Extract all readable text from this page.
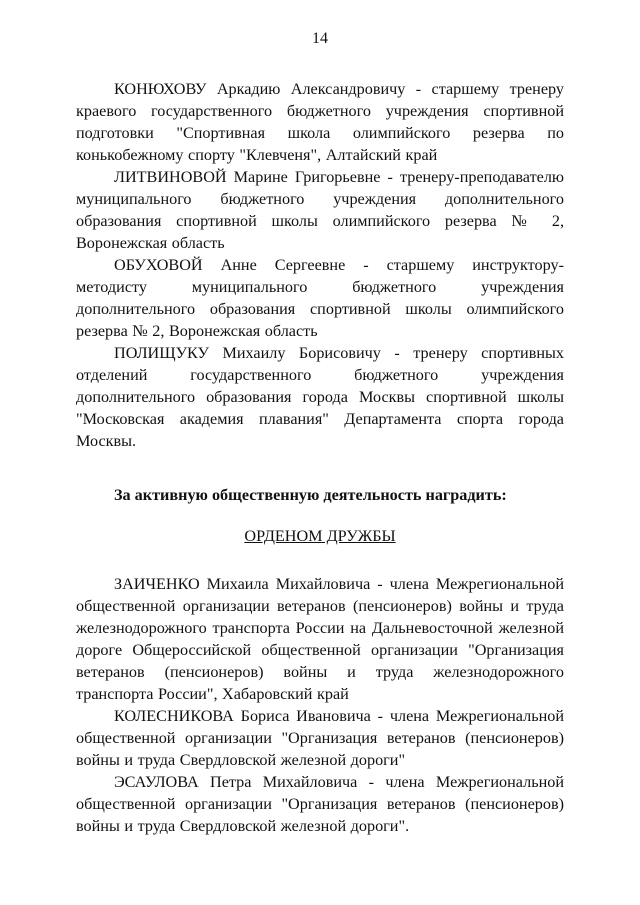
14

КОНЮХОВУ Аркадию Александровичу - старшему тренеру краевого государственного бюджетного учреждения спортивной подготовки "Спортивная школа олимпийского резерва по конькобежному спорту "Клевченя", Алтайский край

ЛИТВИНОВОЙ Марине Григорьевне - тренеру-преподавателю муниципального бюджетного учреждения дополнительного образования спортивной школы олимпийского резерва № 2, Воронежская область

ОБУХОВОЙ Анне Сергеевне - старшему инструктору-методисту муниципального бюджетного учреждения дополнительного образования спортивной школы олимпийского резерва № 2, Воронежская область

ПОЛИЩУКУ Михаилу Борисовичу - тренеру спортивных отделений государственного бюджетного учреждения дополнительного образования города Москвы спортивной школы "Московская академия плавания" Департамента спорта города Москвы.

За активную общественную деятельность наградить:

ОРДЕНОМ ДРУЖБЫ

ЗАИЧЕНКО Михаила Михайловича - члена Межрегиональной общественной организации ветеранов (пенсионеров) войны и труда железнодорожного транспорта России на Дальневосточной железной дороге Общероссийской общественной организации "Организация ветеранов (пенсионеров) войны и труда железнодорожного транспорта России", Хабаровский край

КОЛЕСНИКОВА Бориса Ивановича - члена Межрегиональной общественной организации "Организация ветеранов (пенсионеров) войны и труда Свердловской железной дороги"

ЭСАУЛОВА Петра Михайловича - члена Межрегиональной общественной организации "Организация ветеранов (пенсионеров) войны и труда Свердловской железной дороги".
